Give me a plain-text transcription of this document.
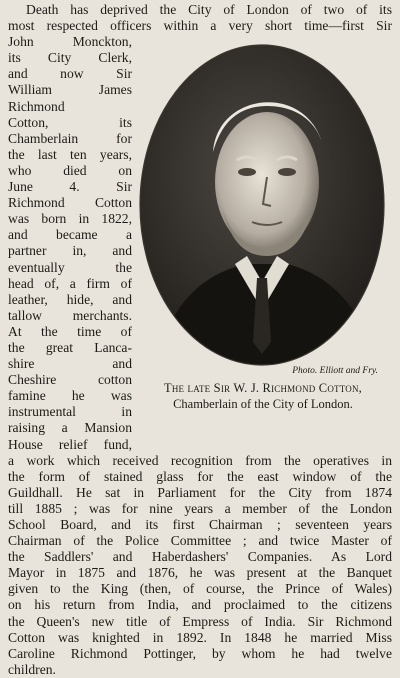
Death has deprived the City of London of two of its
most respected officers within a very short time—first Sir
John Monckton,
its City Clerk,
and now Sir
William James
Richmond
Cotton, its
Chamberlain for
the last ten years,
who died on
June 4. Sir
Richmond Cotton
was born in 1822,
and became a
partner in, and
eventually the
head of, a firm of
leather, hide, and
tallow merchants.
At the time of
the great Lanca-
shire and
Cheshire cotton
famine he was
instrumental in
raising a Mansion
House relief fund,
a work which received recognition from the operatives in
the form of stained glass for the east window of the
Guildhall. He sat in Parliament for the City from 1874
till 1885 ; was for nine years a member of the London
School Board, and its first Chairman ; seventeen years
Chairman of the Police Committee ; and twice Master of
the Saddlers' and Haberdashers' Companies. As Lord
Mayor in 1875 and 1876, he was present at the Banquet
given to the King (then, of course, the Prince of Wales)
on his return from India, and proclaimed to the citizens
the Queen's new title of Empress of India. Sir Richmond
Cotton was knighted in 1892. In 1848 he married Miss
Caroline Richmond Pottinger, by whom he had twelve
children.
Photo. Elliott and Fry.
The late Sir W. J. Richmond Cotton,
Chamberlain of the City of London.
